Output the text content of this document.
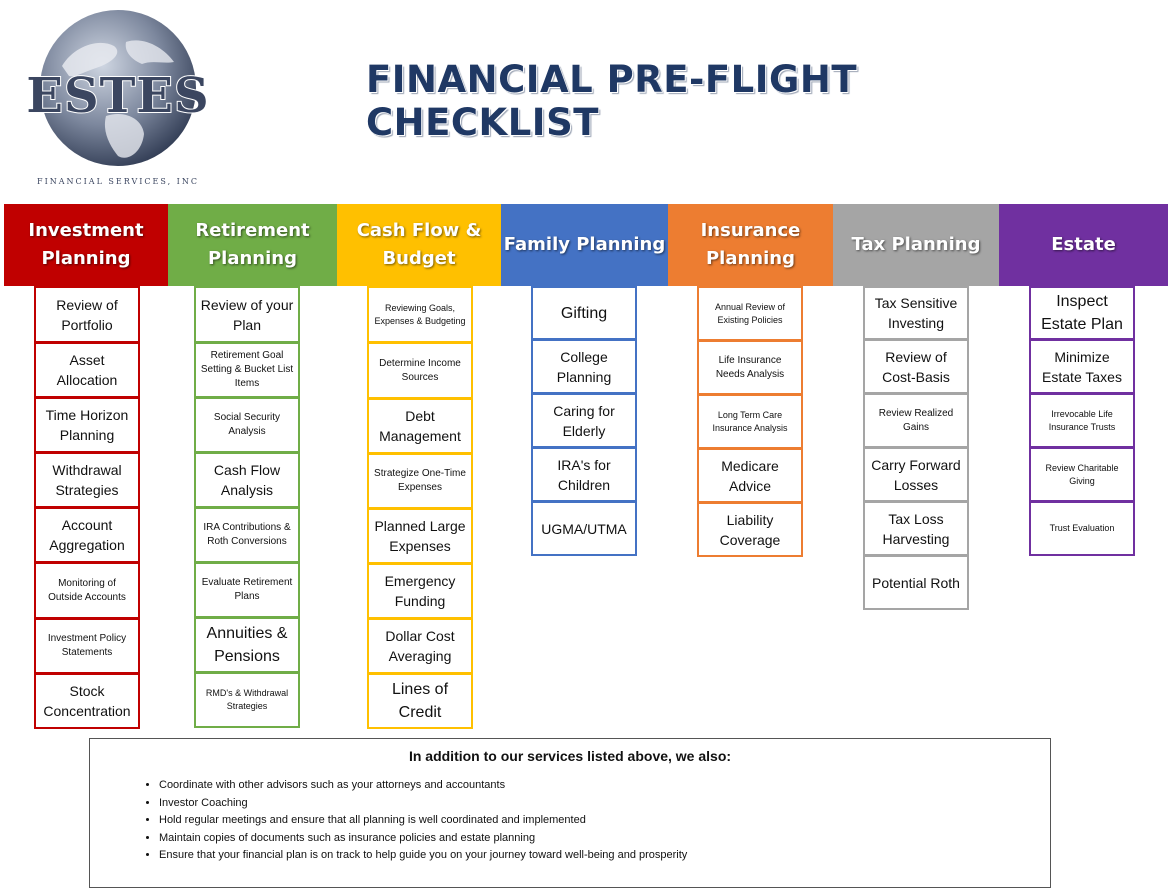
ESTES
FINANCIAL SERVICES, INC
FINANCIAL PRE-FLIGHT CHECKLIST
Investment
Planning
Retirement
Planning
Cash Flow &
Budget
Family Planning
Insurance
Planning
Tax Planning	Estate
Review of Portfolio
Asset Allocation
Time Horizon Planning
Withdrawal Strategies
Account Aggregation
Monitoring of Outside Accounts
Investment Policy Statements
Stock Concentration
Review of your Plan
Retirement Goal Setting & Bucket List Items
Social Security Analysis
Cash Flow Analysis
IRA Contributions & Roth Conversions
Evaluate Retirement Plans
Annuities & Pensions
RMD's & Withdrawal Strategies
Reviewing Goals, Expenses & Budgeting
Determine Income Sources
Debt Management
Strategize One-Time Expenses
Planned Large Expenses
Emergency Funding
Dollar Cost Averaging
Lines of Credit
Gifting
College Planning
Caring for Elderly
IRA's for Children
UGMA/UTMA
Annual Review of Existing Policies
Life Insurance Needs Analysis
Long Term Care Insurance Analysis
Medicare Advice
Liability Coverage
Tax Sensitive Investing
Review of Cost-Basis
Review Realized Gains
Carry Forward Losses
Tax Loss Harvesting
Potential Roth
Inspect Estate Plan
Minimize Estate Taxes
Irrevocable Life Insurance Trusts
Review Charitable Giving
Trust Evaluation
In addition to our services listed above, we also:
• Coordinate with other advisors such as your attorneys and accountants
• Investor Coaching
• Hold regular meetings and ensure that all planning is well coordinated and implemented
• Maintain copies of documents such as insurance policies and estate planning
• Ensure that your financial plan is on track to help guide you on your journey toward well-being and prosperity
